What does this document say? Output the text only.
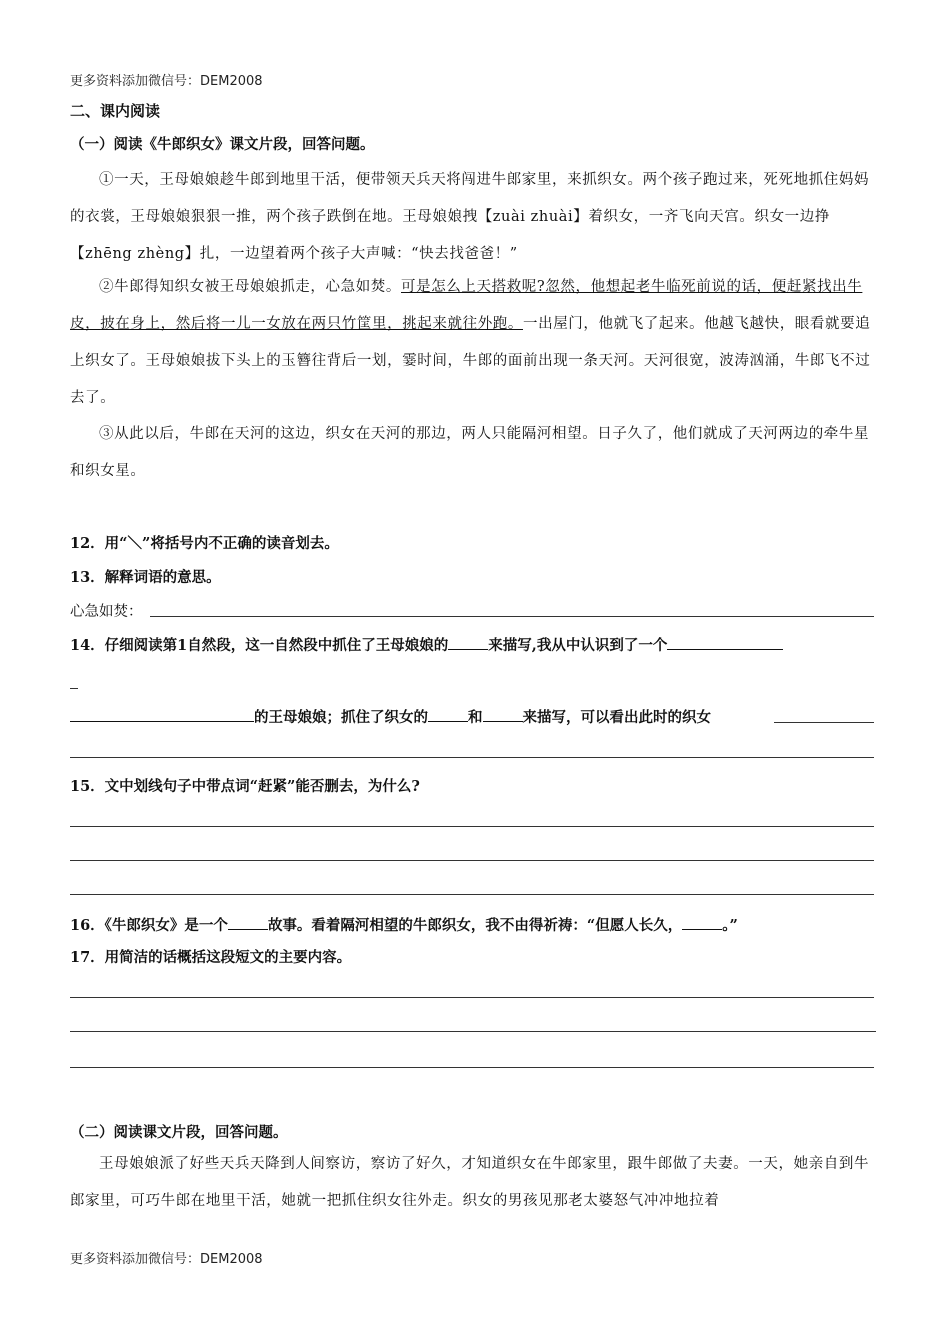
更多资料添加微信号：DEM2008
二、课内阅读
（一）阅读《牛郎织女》课文片段，回答问题。
①一天，王母娘娘趁牛郎到地里干活，便带领天兵天将闯进牛郎家里，来抓织女。两个孩子跑过来，死死地抓住妈妈的衣裳，王母娘娘狠狠一推，两个孩子跌倒在地。王母娘娘拽【zuài zhuài】着织女，一齐飞向天宫。织女一边挣【zhēng zhèng】扎，一边望着两个孩子大声喊：“快去找爸爸！”
②牛郎得知织女被王母娘娘抓走，心急如焚。可是怎么上天搭救呢?忽然，他想起老牛临死前说的话，便赶紧找出牛皮，披在身上，然后将一儿一女放在两只竹筐里，挑起来就往外跑。一出屋门，他就飞了起来。他越飞越快，眼看就要追上织女了。王母娘娘拔下头上的玉簪往背后一划，霎时间，牛郎的面前出现一条天河。天河很宽，波涛汹涌，牛郎飞不过去了。
③从此以后，牛郎在天河的这边，织女在天河的那边，两人只能隔河相望。日子久了，他们就成了天河两边的牵牛星和织女星。
12．用“＼”将括号内不正确的读音划去。
13．解释词语的意思。
心急如焚：
14．仔细阅读第1自然段，这一自然段中抓住了王母娘娘的	来描写,我从中认识到了一个
的王母娘娘；抓住了织女的	和	来描写，可以看出此时的织女
15．文中划线句子中带点词“赶紧”能否删去，为什么?
16．《牛郎织女》是一个	故事。看着隔河相望的牛郎织女，我不由得祈祷：“但愿人长久，	。”
17．用简洁的话概括这段短文的主要内容。
（二）阅读课文片段，回答问题。
王母娘娘派了好些天兵天降到人间察访，察访了好久，才知道织女在牛郎家里，跟牛郎做了夫妻。一天，她亲自到牛郎家里，可巧牛郎在地里干活，她就一把抓住织女往外走。织女的男孩见那老太婆怒气冲冲地拉着
更多资料添加微信号：DEM2008
